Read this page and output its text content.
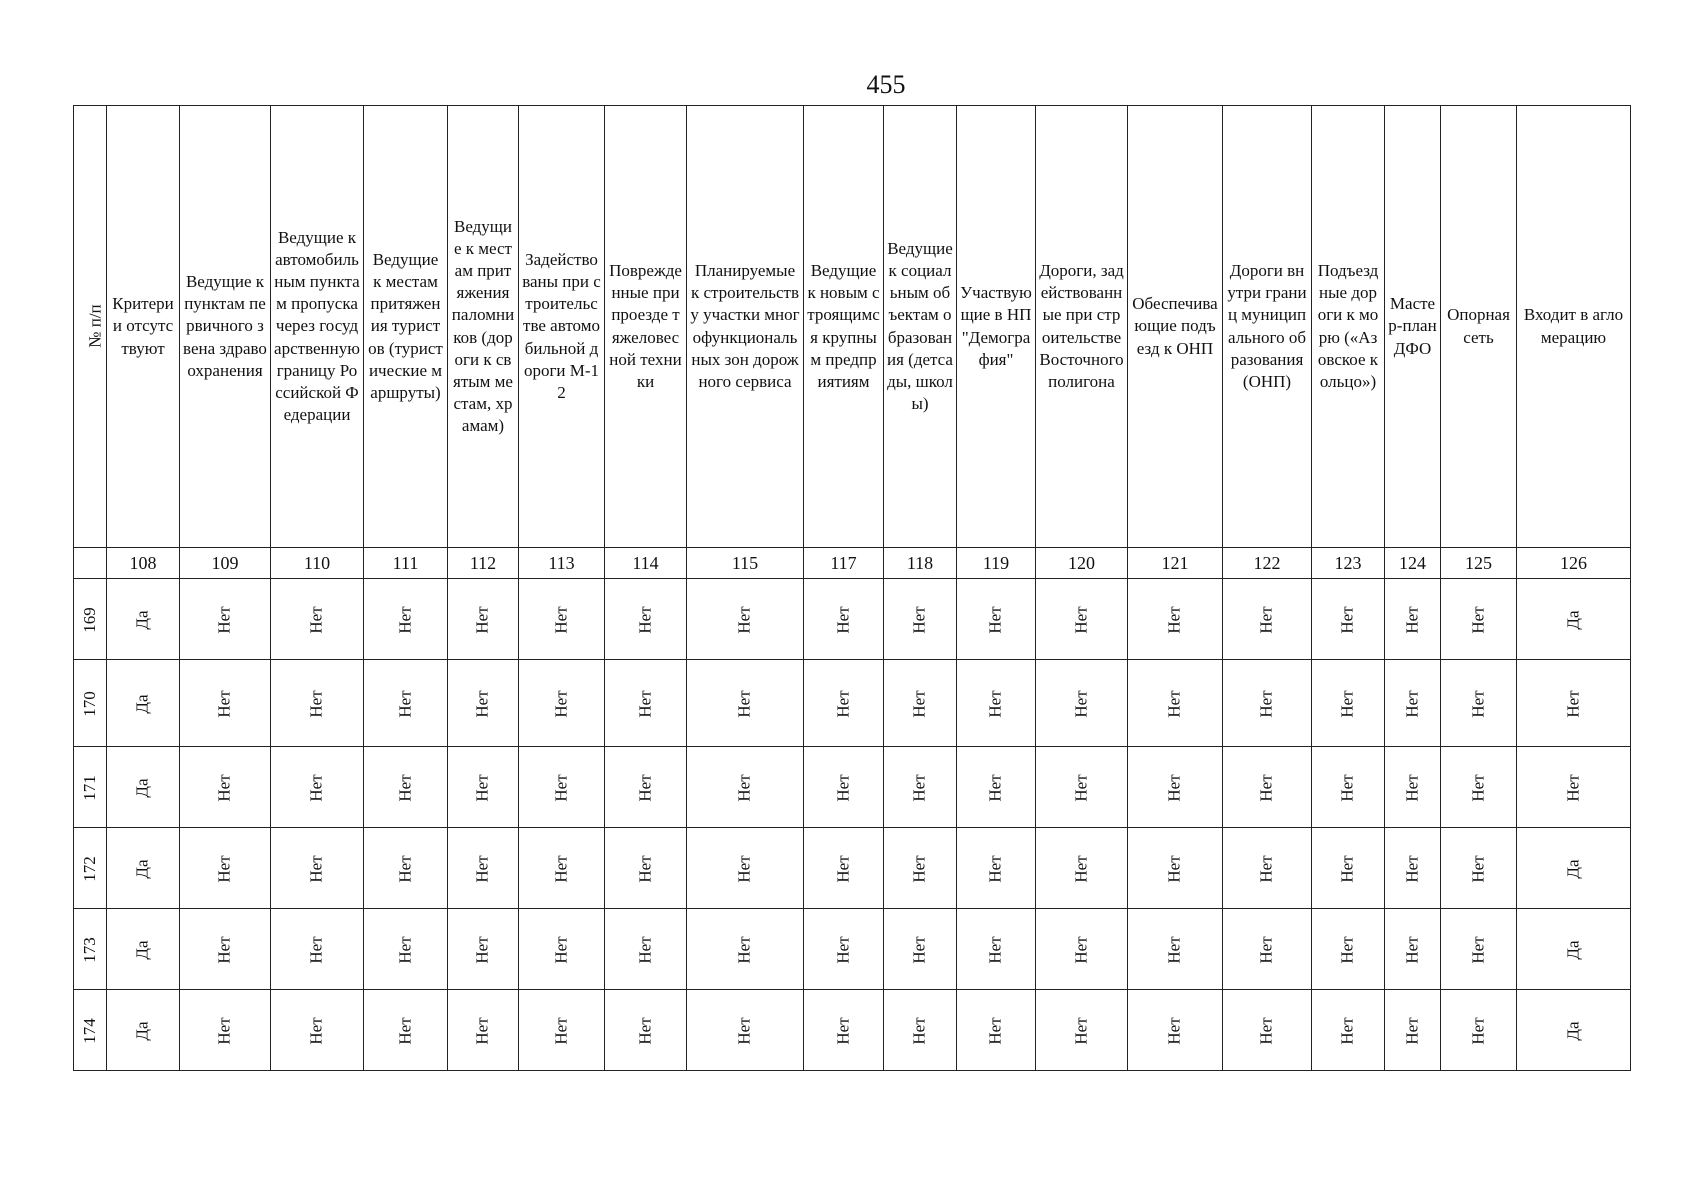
455
№ п/п	Критерии отсутствуют	Ведущие к пунктам первичного звена здравоохранения	Ведущие к автомобильным пунктам пропуска через государственную границу Российской Федерации	Ведущие к местам притяжения туристов (туристические маршруты)	Ведущие к местам притяжения паломников (дороги к святым местам, храмам)	Задействованы при строительстве автомобильной дороги М-12	Поврежденные при проезде тяжеловесной техники	Планируемые к строительству участки многофункциональных зон дорожного сервиса	Ведущие к новым строящимся крупным предприятиям	Ведущие к социальным объектам образования (детсады, школы)	Участвующие в НП "Демография"	Дороги, задействованные при строительстве Восточного полигона	Обеспечивающие подъезд к ОНП	Дороги внутри границ муниципального образования (ОНП)	Подъездные дороги к морю («Азовское кольцо»)	Мастер-план ДФО	Опорная сеть	Входит в агломерацию

	108	109	110	111	112	113	114	115	117	118	119	120	121	122	123	124	125	126
169	Да	Нет	Нет	Нет	Нет	Нет	Нет	Нет	Нет	Нет	Нет	Нет	Нет	Нет	Нет	Нет	Нет	Да
170	Да	Нет	Нет	Нет	Нет	Нет	Нет	Нет	Нет	Нет	Нет	Нет	Нет	Нет	Нет	Нет	Нет	Нет
171	Да	Нет	Нет	Нет	Нет	Нет	Нет	Нет	Нет	Нет	Нет	Нет	Нет	Нет	Нет	Нет	Нет	Нет
172	Да	Нет	Нет	Нет	Нет	Нет	Нет	Нет	Нет	Нет	Нет	Нет	Нет	Нет	Нет	Нет	Нет	Да
173	Да	Нет	Нет	Нет	Нет	Нет	Нет	Нет	Нет	Нет	Нет	Нет	Нет	Нет	Нет	Нет	Нет	Да
174	Да	Нет	Нет	Нет	Нет	Нет	Нет	Нет	Нет	Нет	Нет	Нет	Нет	Нет	Нет	Нет	Нет	Да
